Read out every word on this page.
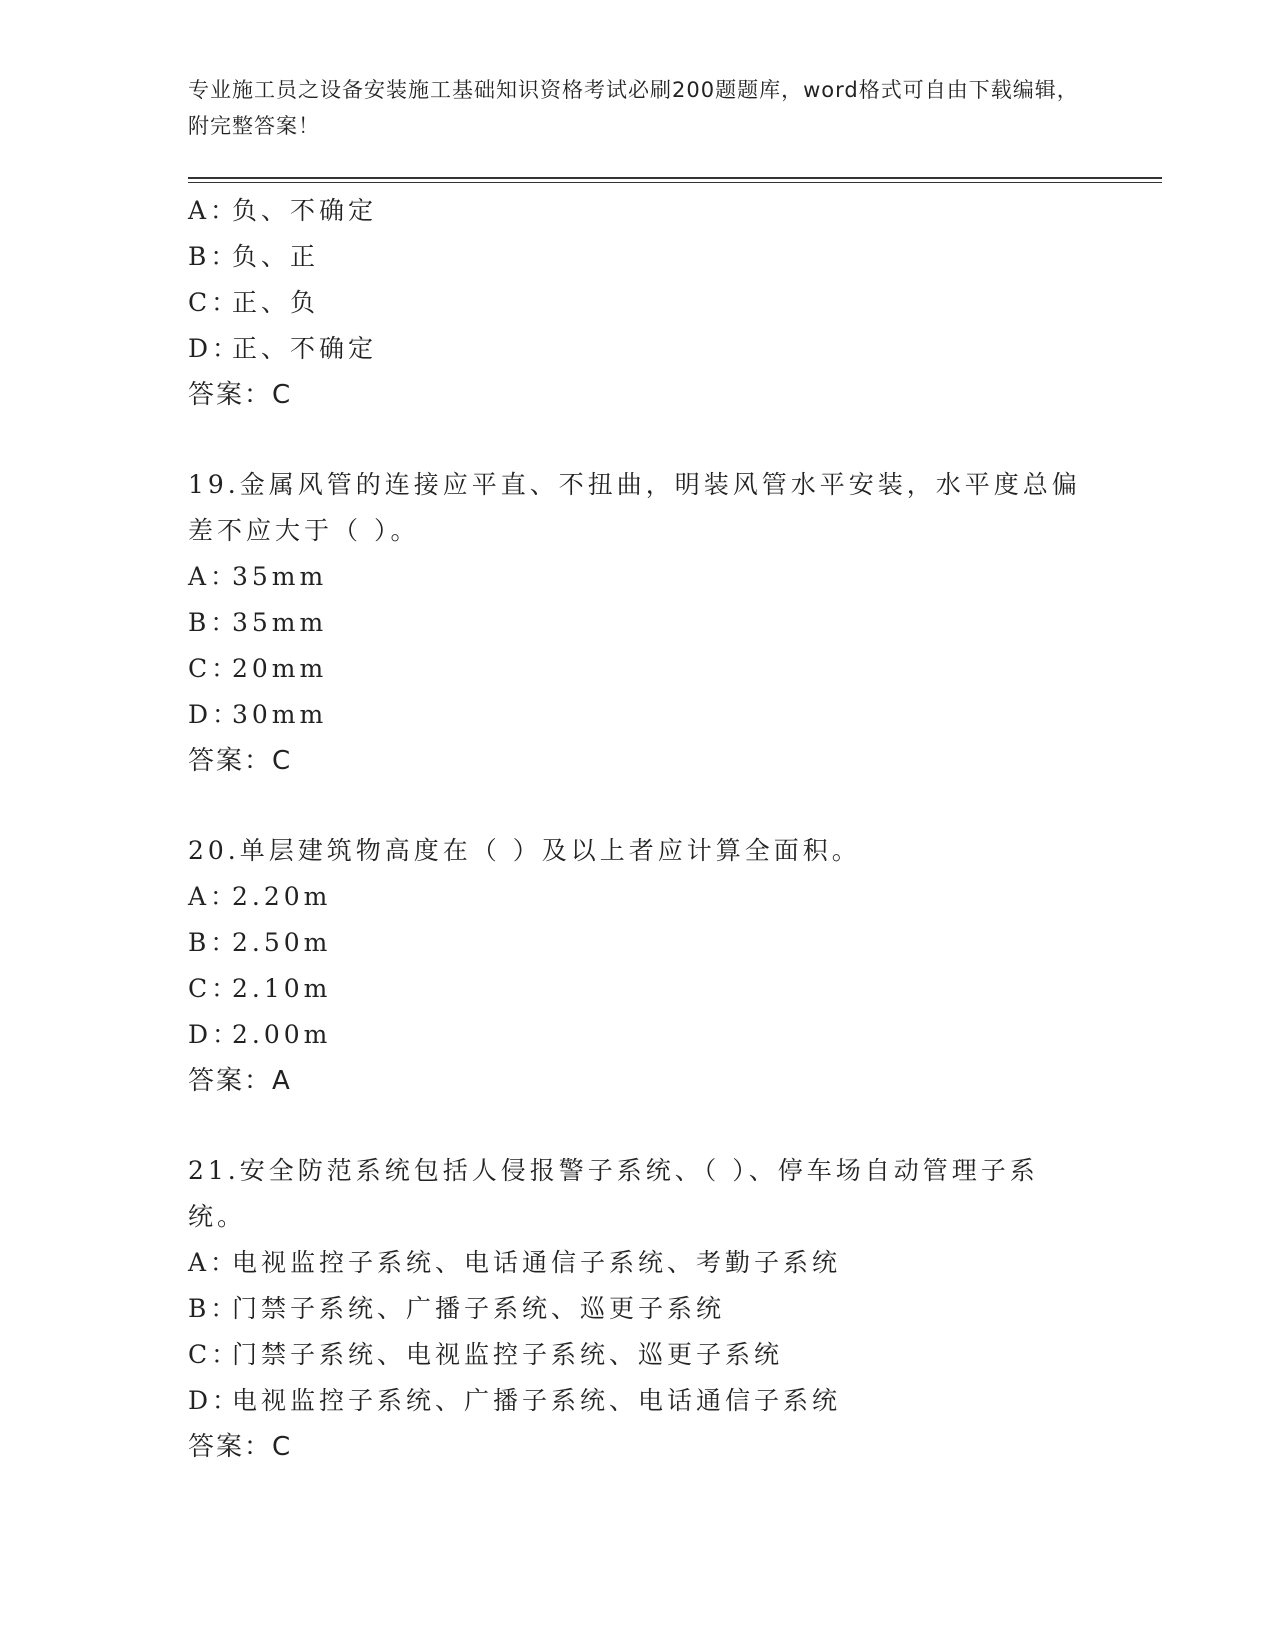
专业施工员之设备安装施工基础知识资格考试必刷200题题库，word格式可自由下载编辑，附完整答案！
A：负、不确定
B：负、正
C：正、负
D：正、不确定
答案：C
19.金属风管的连接应平直、不扭曲，明装风管水平安装，水平度总偏差不应大于（ ）。
A：35mm
B：35mm
C：20mm
D：30mm
答案：C
20.单层建筑物高度在（ ）及以上者应计算全面积。
A：2.20m
B：2.50m
C：2.10m
D：2.00m
答案：A
21.安全防范系统包括人侵报警子系统、（ ）、停车场自动管理子系统。
A：电视监控子系统、电话通信子系统、考勤子系统
B：门禁子系统、广播子系统、巡更子系统
C：门禁子系统、电视监控子系统、巡更子系统
D：电视监控子系统、广播子系统、电话通信子系统
答案：C
